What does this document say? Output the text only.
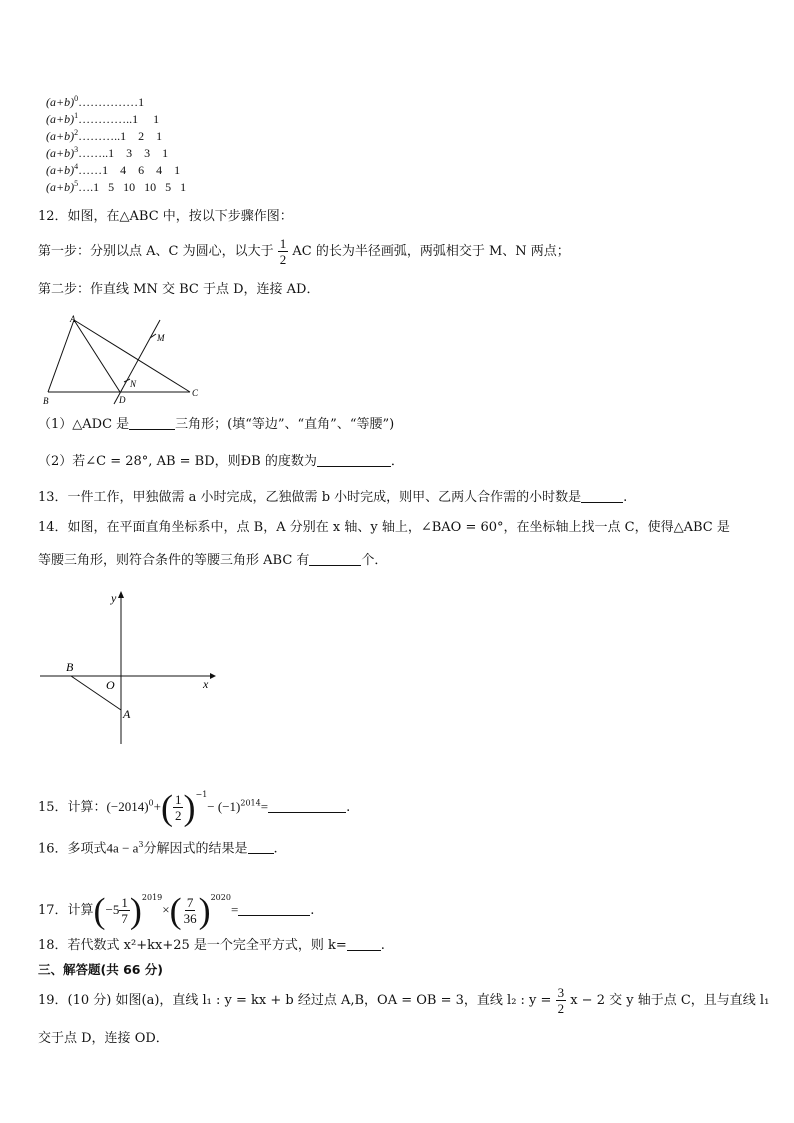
$(a+b)^0\dots\dots\dots\dots\dots 1$
$(a+b)^1\dots\dots\dots\dots..1$     1
$(a+b)^2\dots\dots\dots..1$    2    1
$(a+b)^3\dots\dots..1$    3    3    1
$(a+b)^4\dots\dots 1$    4    6    4    1
$(a+b)^5\dots.1$   5   10   10   5   1
12．如图，在△ABC 中，按以下步骤作图：
第一步：分别以点 A、C 为圆心，以大于 $\frac{1}{2}$ AC 的长为半径画弧，两弧相交于 M、N 两点；
第二步：作直线 MN 交 BC 于点 D，连接 AD．
A
B
C
D
M
N
（1）△ADC 是	三角形；(填“等边”、“直角”、“等腰”)
（2）若∠C = 28°, AB = BD，则ÐB 的度数为	．
13．一件工作，甲独做需 a 小时完成，乙独做需 b 小时完成，则甲、乙两人合作需的小时数是	.
14．如图，在平面直角坐标系中，点 B，A 分别在 x 轴、y 轴上，∠BAO = 60°，在坐标轴上找一点 C，使得△ABC 是
等腰三角形，则符合条件的等腰三角形 ABC 有	个．
y
x
O
B
A
15．计算：$(-2014)^0+( \frac{1}{2} )^{-1}- (-1)^{2014}=$	.
16．多项式$4a - a^3$分解因式的结果是 .
17．计算$(-5 \frac{1}{7} )^{2019}\times( \frac{7}{36} )^{2020}=$	.
18．若代数式 x²+kx+25 是一个完全平方式，则 k=	.
三、解答题(共 66 分)
19．(10 分) 如图(a)，直线 l₁ : y = kx + b 经过点 A,B，OA = OB = 3，直线 l₂ : $y = \frac{3}{2}$ x − 2 交 y 轴于点 C，且与直线 l₁
交于点 D，连接 OD．
